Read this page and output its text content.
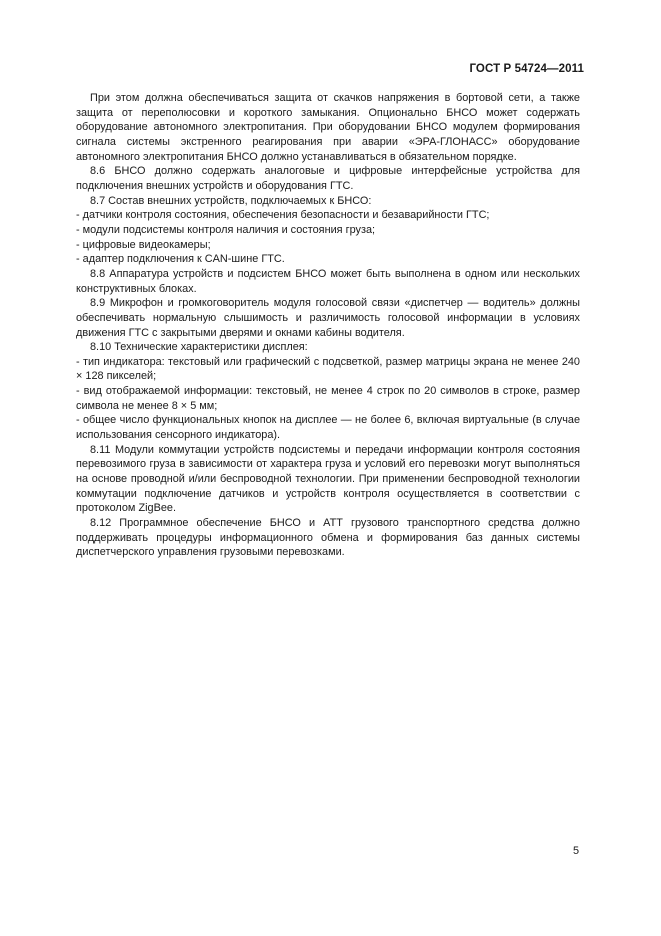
ГОСТ Р 54724—2011

При этом должна обеспечиваться защита от скачков напряжения в бортовой сети, а также защита от переполюсовки и короткого замыкания. Опционально БНСО может содержать оборудование автономного электропитания. При оборудовании БНСО модулем формирования сигнала системы экстренного реагирования при аварии «ЭРА-ГЛОНАСС» оборудование автономного электропитания БНСО должно устанавливаться в обязательном порядке.

8.6 БНСО должно содержать аналоговые и цифровые интерфейсные устройства для подключения внешних устройств и оборудования ГТС.

8.7 Состав внешних устройств, подключаемых к БНСО:

- датчики контроля состояния, обеспечения безопасности и безаварийности ГТС;

- модули подсистемы контроля наличия и состояния груза;

- цифровые видеокамеры;

- адаптер подключения к CAN-шине ГТС.

8.8 Аппаратура устройств и подсистем БНСО может быть выполнена в одном или нескольких конструктивных блоках.

8.9 Микрофон и громкоговоритель модуля голосовой связи «диспетчер — водитель» должны обеспечивать нормальную слышимость и различимость голосовой информации в условиях движения ГТС с закрытыми дверями и окнами кабины водителя.

8.10 Технические характеристики дисплея:

- тип индикатора: текстовый или графический с подсветкой, размер матрицы экрана не менее 240 × 128 пикселей;

- вид отображаемой информации: текстовый, не менее 4 строк по 20 символов в строке, размер символа не менее 8 × 5 мм;

- общее число функциональных кнопок на дисплее — не более 6, включая виртуальные (в случае использования сенсорного индикатора).

8.11 Модули коммутации устройств подсистемы и передачи информации контроля состояния перевозимого груза в зависимости от характера груза и условий его перевозки могут выполняться на основе проводной и/или беспроводной технологии. При применении беспроводной технологии коммутации подключение датчиков и устройств контроля осуществляется в соответствии с протоколом ZigBee.

8.12 Программное обеспечение БНСО и АТТ грузового транспортного средства должно поддерживать процедуры информационного обмена и формирования баз данных системы диспетчерского управления грузовыми перевозками.

5
